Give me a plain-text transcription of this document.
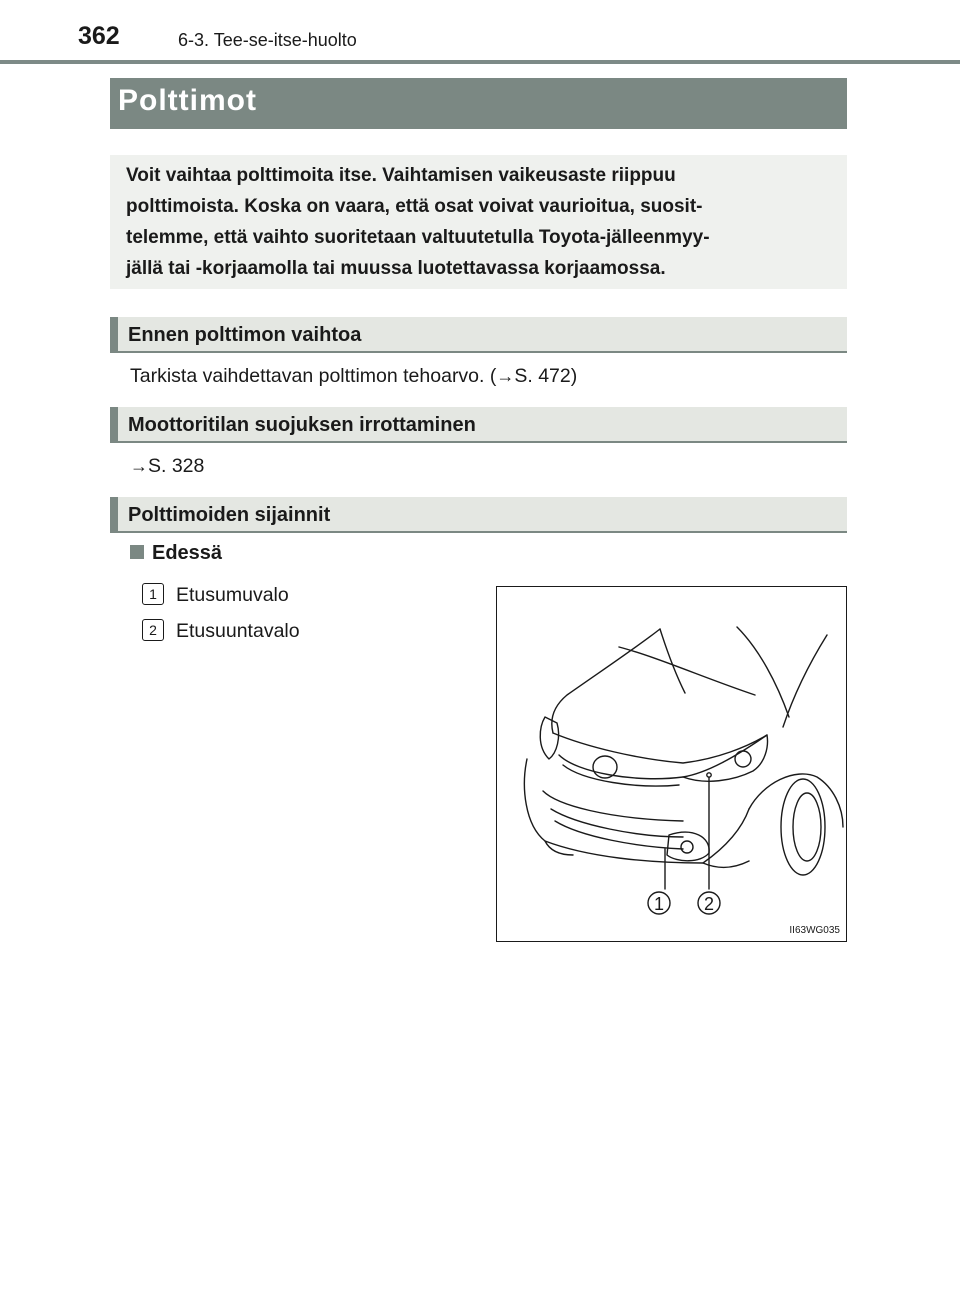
362	6-3. Tee-se-itse-huolto
Polttimot

Voit vaihtaa polttimoita itse. Vaihtamisen vaikeusaste riippuu
polttimoista. Koska on vaara, että osat voivat vaurioitua, suosit-
telemme, että vaihto suoritetaan valtuutetulla Toyota-jälleenmyy-
jällä tai -korjaamolla tai muussa luotettavassa korjaamossa.

Ennen polttimon vaihtoa
Tarkista vaihdettavan polttimon tehoarvo. (→S. 472)
Moottoritilan suojuksen irrottaminen
→S. 328
Polttimoiden sijainnit
Edessä
1 Etusumuvalo
2 Etusuuntavalo
1 2
II63WG035
